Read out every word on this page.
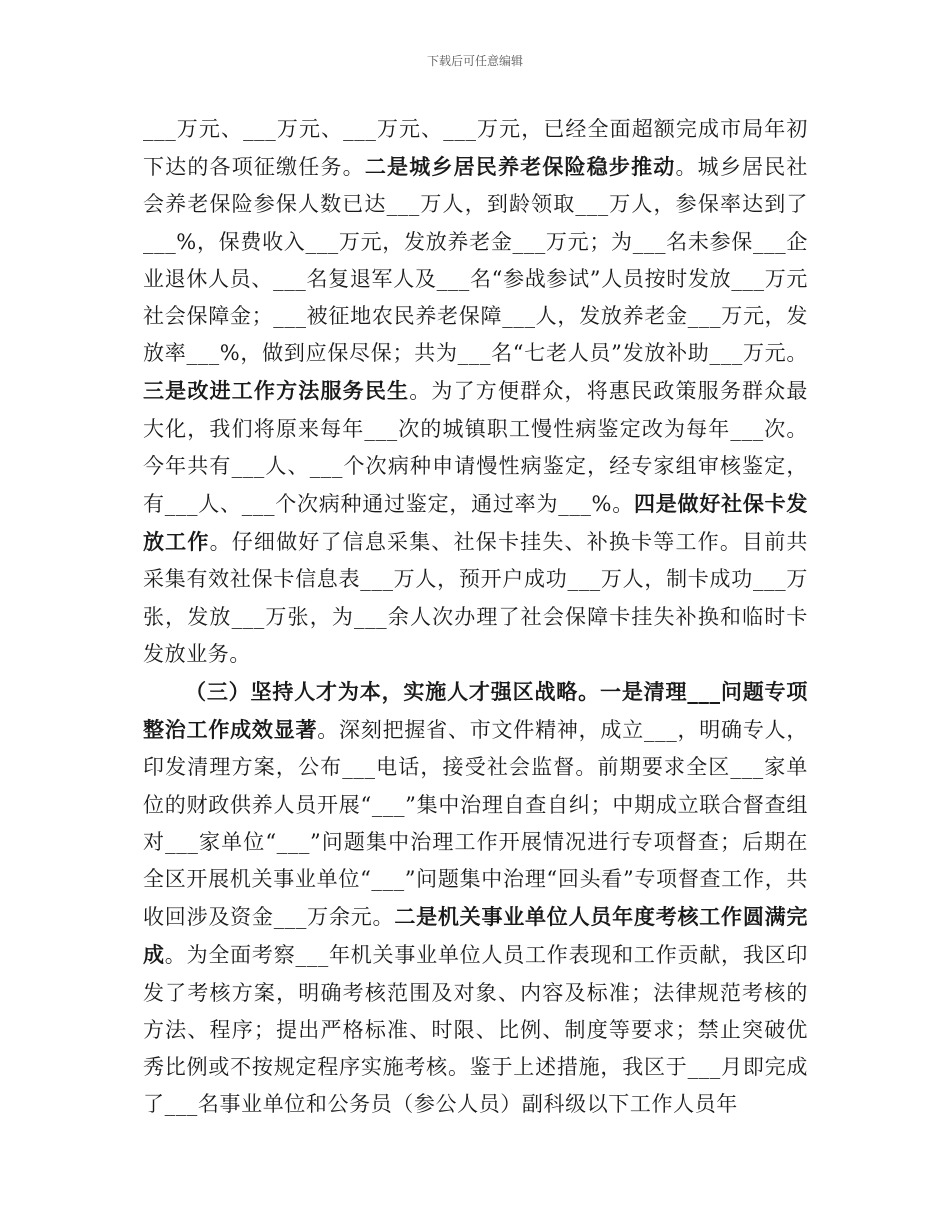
下载后可任意编辑

___万元、___万元、___万元、___万元，已经全面超额完成市局年初下达的各项征缴任务。二是城乡居民养老保险稳步推动。城乡居民社会养老保险参保人数已达___万人，到龄领取___万人，参保率达到了___%，保费收入___万元，发放养老金___万元；为___名未参保___企业退休人员、___名复退军人及___名“参战参试”人员按时发放___万元社会保障金；___被征地农民养老保障___人，发放养老金___万元，发放率___%，做到应保尽保；共为___名“七老人员”发放补助___万元。三是改进工作方法服务民生。为了方便群众，将惠民政策服务群众最大化，我们将原来每年___次的城镇职工慢性病鉴定改为每年___次。今年共有___人、___个次病种申请慢性病鉴定，经专家组审核鉴定，有___人、___个次病种通过鉴定，通过率为___%。四是做好社保卡发放工作。仔细做好了信息采集、社保卡挂失、补换卡等工作。目前共采集有效社保卡信息表___万人，预开户成功___万人，制卡成功___万张，发放___万张，为___余人次办理了社会保障卡挂失补换和临时卡发放业务。

（三）坚持人才为本，实施人才强区战略。一是清理___问题专项整治工作成效显著。深刻把握省、市文件精神，成立___，明确专人，印发清理方案，公布___电话，接受社会监督。前期要求全区___家单位的财政供养人员开展“___”集中治理自查自纠；中期成立联合督查组对___家单位“___”问题集中治理工作开展情况进行专项督查；后期在全区开展机关事业单位“___”问题集中治理“回头看”专项督查工作，共收回涉及资金___万余元。二是机关事业单位人员年度考核工作圆满完成。为全面考察___年机关事业单位人员工作表现和工作贡献，我区印发了考核方案，明确考核范围及对象、内容及标准；法律规范考核的方法、程序；提出严格标准、时限、比例、制度等要求；禁止突破优秀比例或不按规定程序实施考核。鉴于上述措施，我区于___月即完成了___名事业单位和公务员（参公人员）副科级以下工作人员年
